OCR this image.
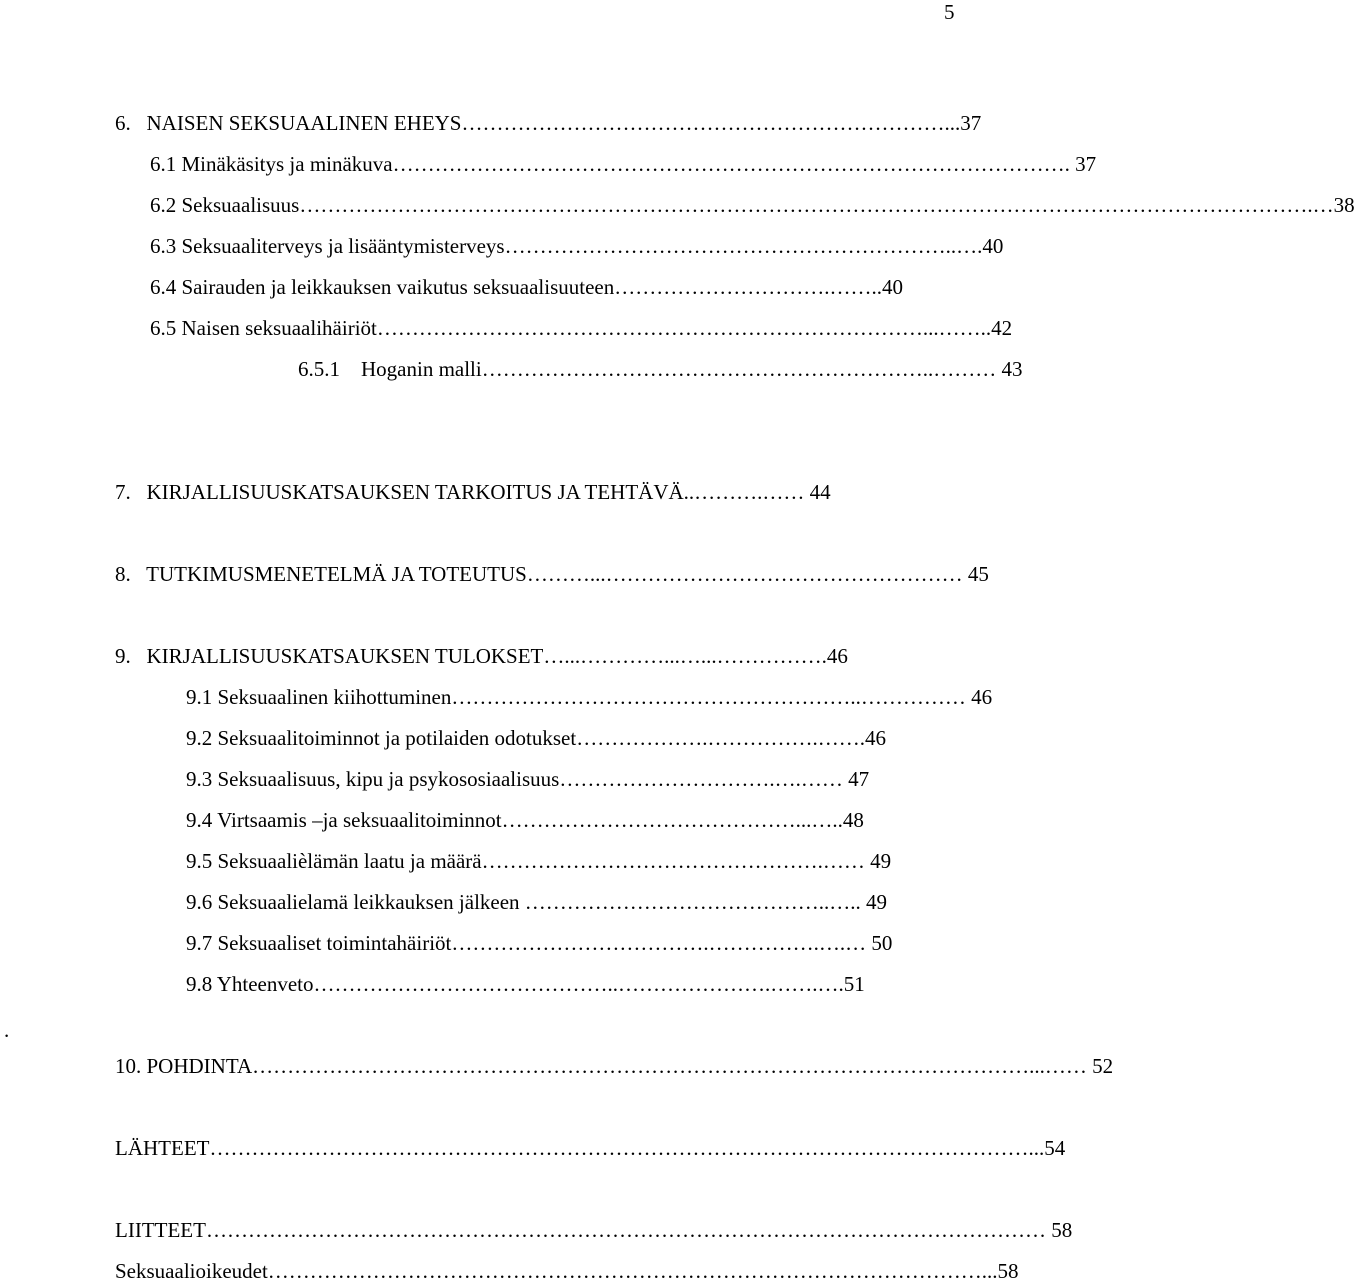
5
.
6.   NAISEN SEKSUAALINEN EHEYS……………………………………………………………...37
6.1 Minäkäsitys ja minäkuva……………………………………………………………………………………. 37
6.2 Seksuaalisuus……………………………………………………………………………………………………………………………….…38
6.3 Seksuaaliterveys ja lisääntymisterveys………………………………………………………..….40
6.4 Sairauden ja leikkauksen vaikutus seksuaalisuuteen………………………….……..40
6.5 Naisen seksuaalihäiriöt……………………………………………………………………...……..42
6.5.1    Hoganin malli………………………………………………………..……… 43
7.   KIRJALLISUUSKATSAUKSEN TARKOITUS JA TEHTÄVÄ..……….…… 44
8.   TUTKIMUSMENETELMÄ JA TOTEUTUS………...…………………………………………… 45
9.   KIRJALLISUUSKATSAUKSEN TULOKSET…...…………...…...…………….46
9.1 Seksuaalinen kiihottuminen…………………………………………………..…………… 46
9.2 Seksuaalitoiminnot ja potilaiden odotukset……………….…………….…….46
9.3 Seksuaalisuus, kipu ja psykososiaalisuus………………………….….…… 47
9.4 Virtsaamis –ja seksuaalitoiminnot……………………………………...…..48
9.5 Seksuaalièlämän laatu ja määrä………………………………………….…… 49
9.6 Seksuaalielamä leikkauksen jälkeen ……………………………………..….. 49
9.7 Seksuaaliset toimintahäiriöt……………………………….…………….….… 50
9.8 Yhteenveto……………………………………..………………….…….….51
10. POHDINTA…………………………………………………………………………………………………...…… 52
LÄHTEET………………………………………………………………………………………………………...54
LIITTEET………………………………………………………………………………………………………… 58
Seksuaalioikeudet…………………………………………………………………………………………...58
